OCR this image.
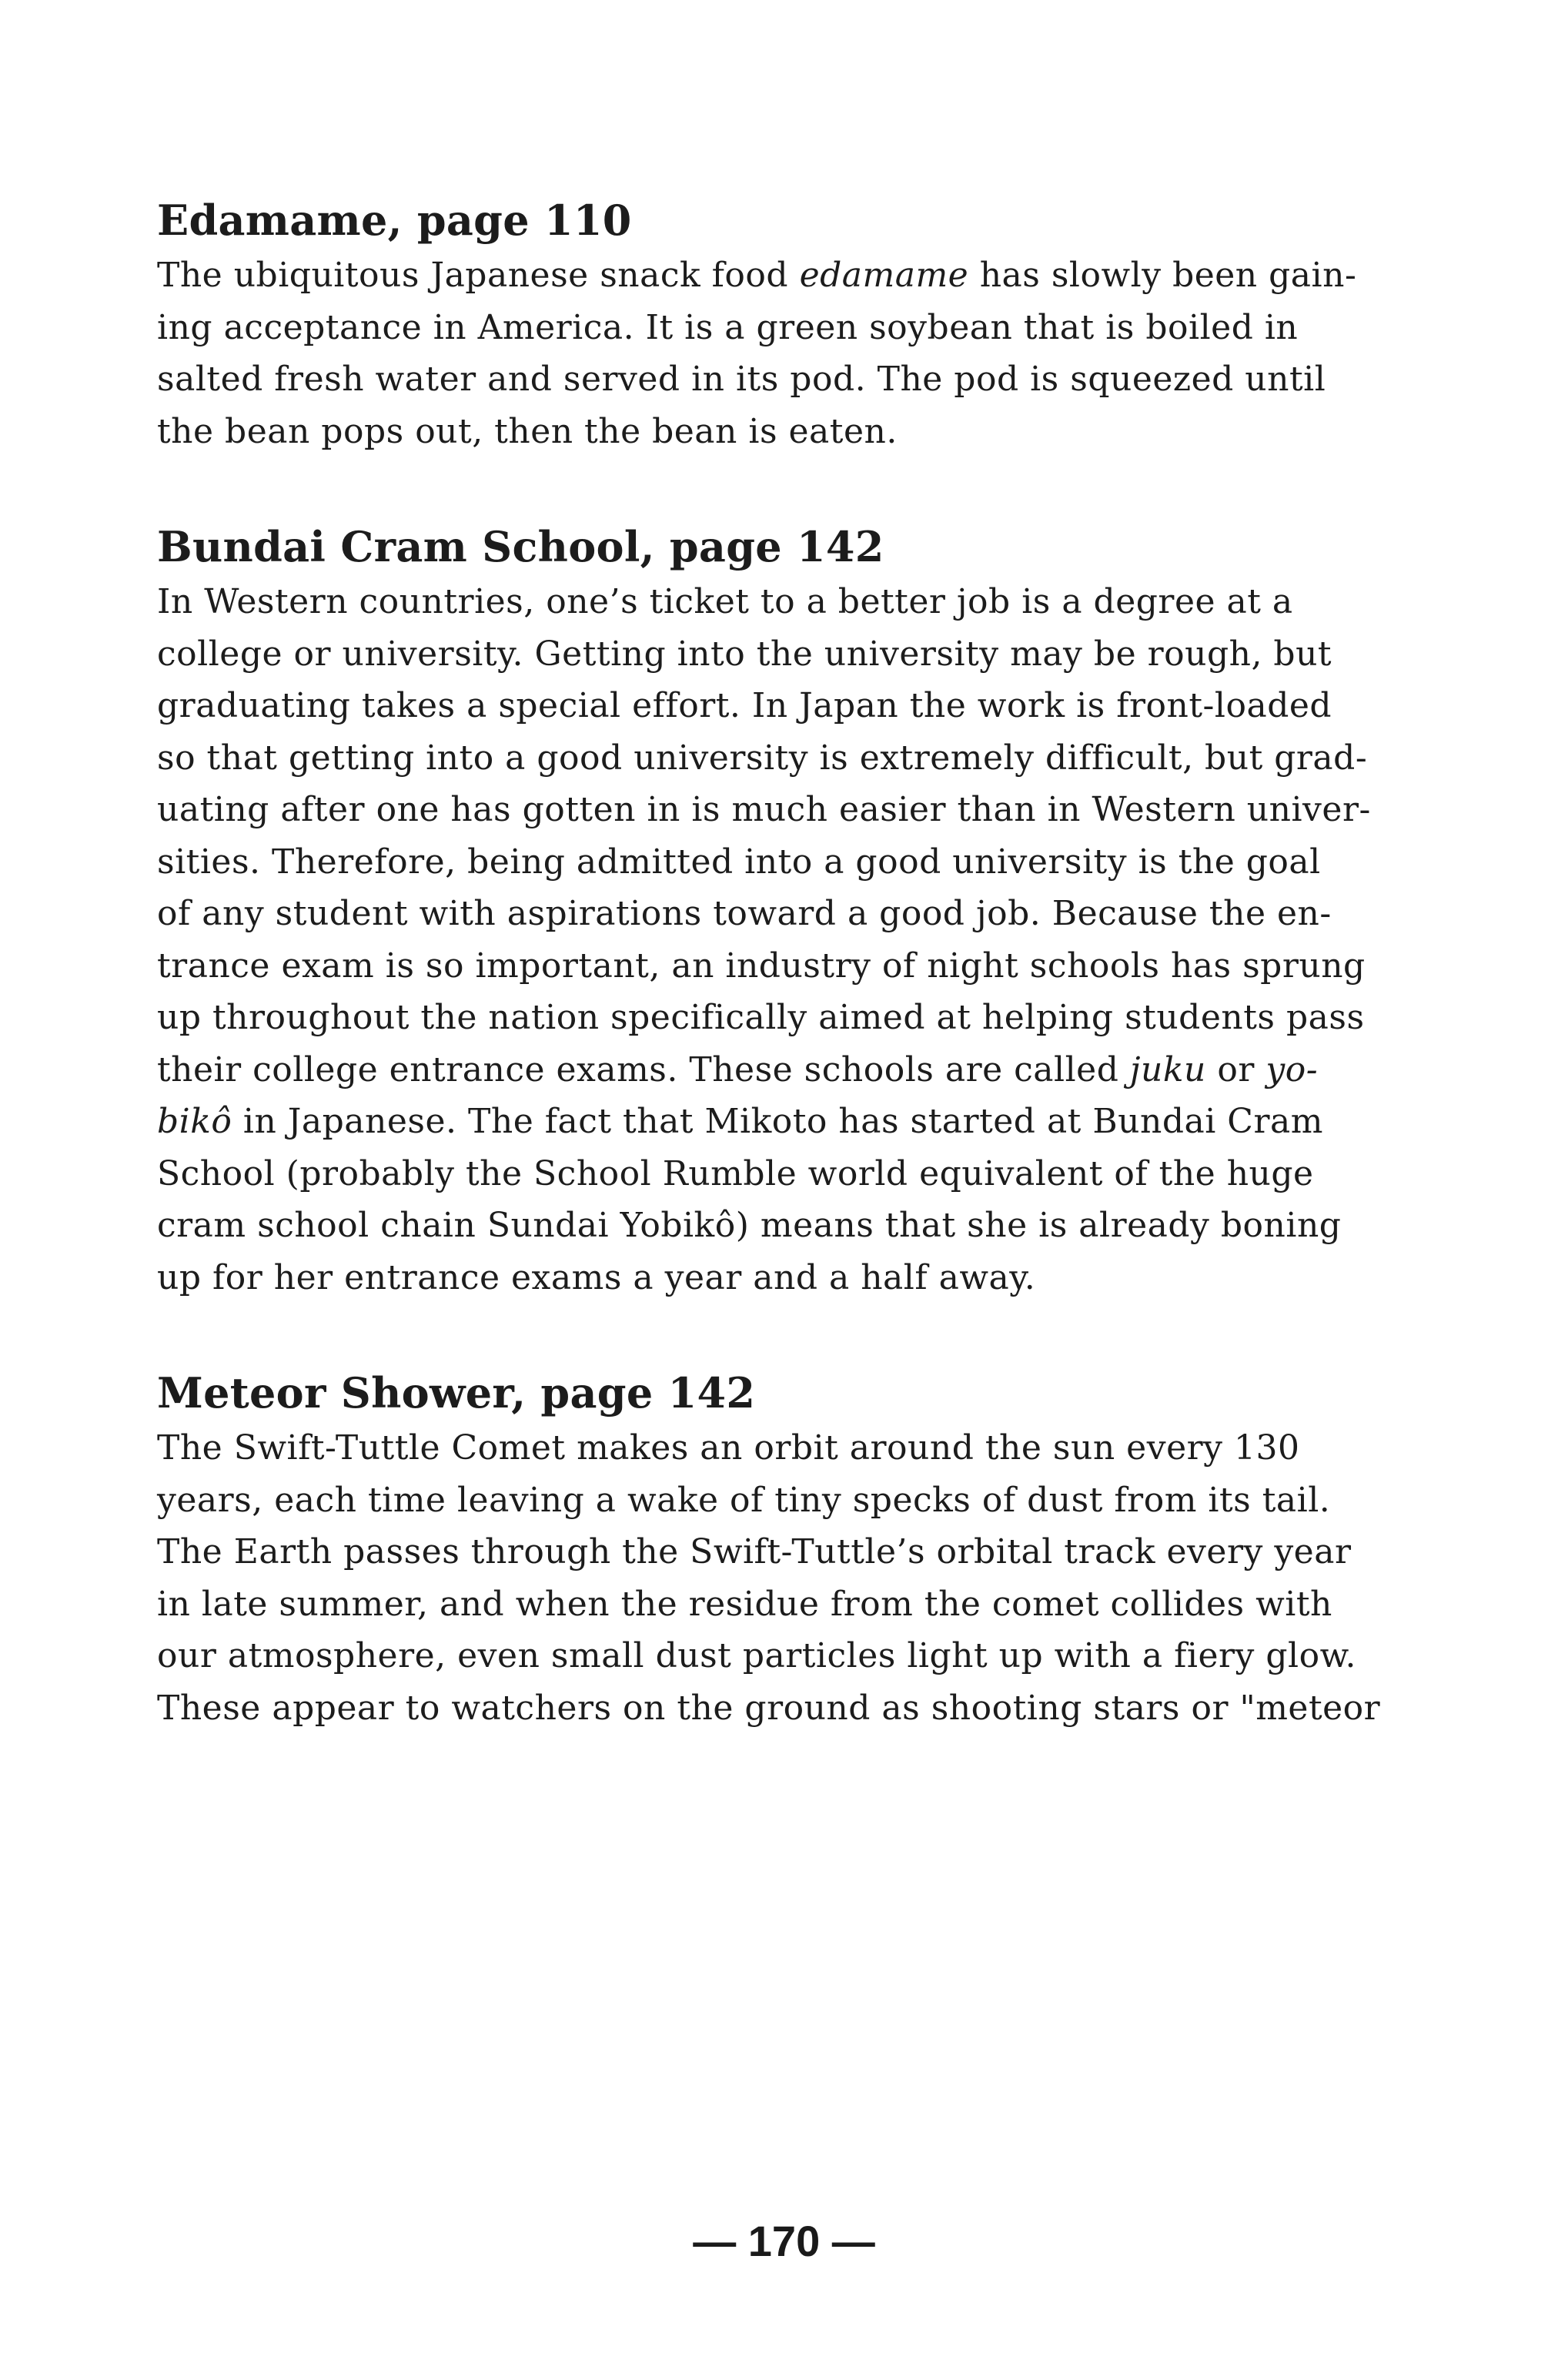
Edamame, page 110

The ubiquitous Japanese snack food edamame has slowly been gain-

ing acceptance in America. It is a green soybean that is boiled in

salted fresh water and served in its pod. The pod is squeezed until

the bean pops out, then the bean is eaten.

Bundai Cram School, page 142

In Western countries, one’s ticket to a better job is a degree at a

college or university. Getting into the university may be rough, but

graduating takes a special effort. In Japan the work is front-loaded

so that getting into a good university is extremely difficult, but grad-

uating after one has gotten in is much easier than in Western univer-

sities. Therefore, being admitted into a good university is the goal

of any student with aspirations toward a good job. Because the en-

trance exam is so important, an industry of night schools has sprung

up throughout the nation specifically aimed at helping students pass

their college entrance exams. These schools are called juku or yo-

bikô in Japanese. The fact that Mikoto has started at Bundai Cram

School (probably the School Rumble world equivalent of the huge

cram school chain Sundai Yobikô) means that she is already boning

up for her entrance exams a year and a half away.

Meteor Shower, page 142

The Swift-Tuttle Comet makes an orbit around the sun every 130

years, each time leaving a wake of tiny specks of dust from its tail.

The Earth passes through the Swift-Tuttle’s orbital track every year

in late summer, and when the residue from the comet collides with

our atmosphere, even small dust particles light up with a fiery glow.

These appear to watchers on the ground as shooting stars or "meteor

— 170 —
